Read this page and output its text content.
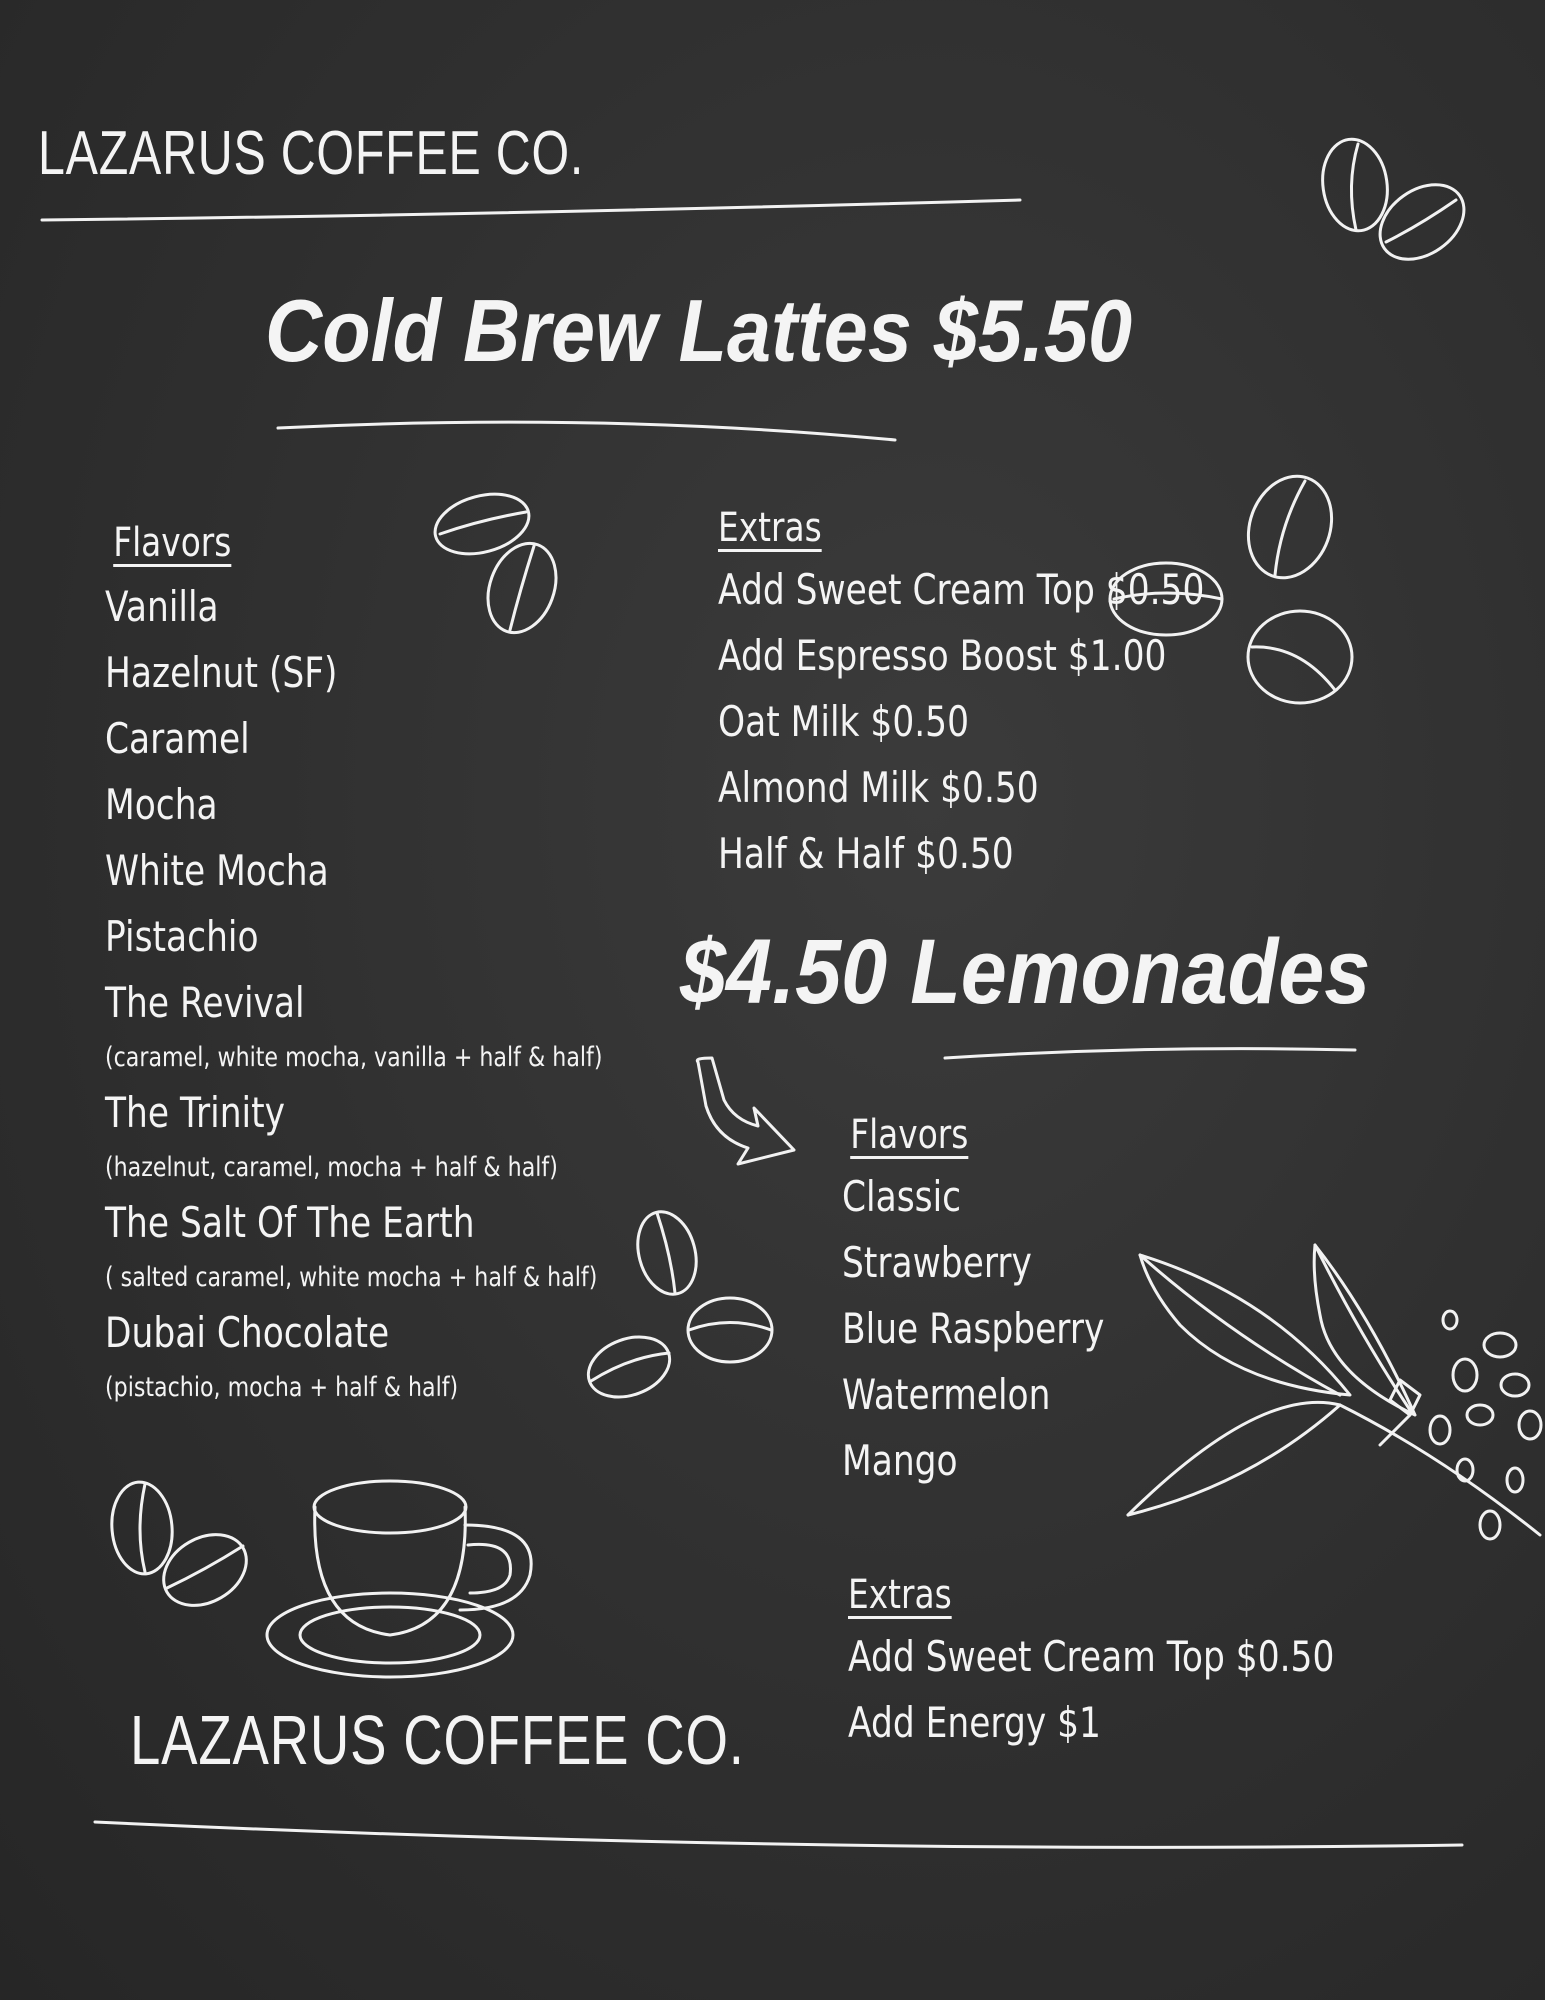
LAZARUS COFFEE CO.
Cold Brew Lattes $5.50
Flavors
Vanilla
Hazelnut (SF)
Caramel
Mocha
White Mocha
Pistachio
The Revival
(caramel, white mocha, vanilla + half & half)
The Trinity
(hazelnut, caramel, mocha + half & half)
The Salt Of The Earth
( salted caramel, white mocha + half & half)
Dubai Chocolate
(pistachio, mocha + half & half)
Extras
Add Sweet Cream Top $0.50
Add Espresso Boost $1.00
Oat Milk $0.50
Almond Milk $0.50
Half & Half $0.50
$4.50 Lemonades
Flavors
Classic
Strawberry
Blue Raspberry
Watermelon
Mango
Extras
Add Sweet Cream Top $0.50
Add Energy $1
LAZARUS COFFEE CO.
